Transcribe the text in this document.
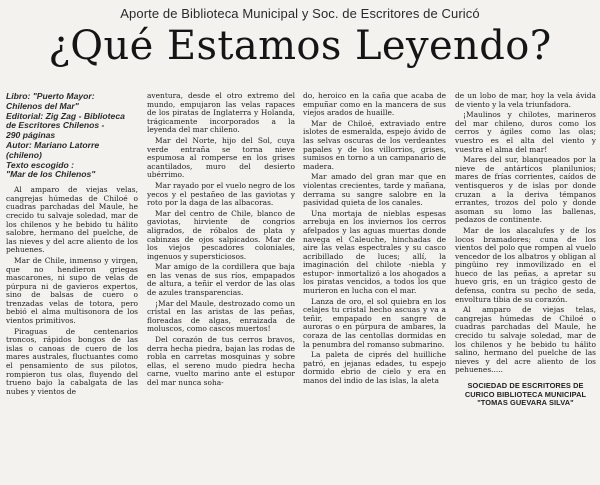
Aporte de Biblioteca Municipal y Soc. de Escritores de Curicó
¿Qué Estamos Leyendo?
Libro: "Puerto Mayor:
Chilenos del Mar"
Editorial: Zig Zag - Biblioteca
de Escritores Chilenos -
290 páginas
Autor: Mariano Latorre
(chileno)
Texto escogido :
"Mar de los Chilenos"

Al amparo de viejas velas, cangrejas húmedas de Chiloé o cuadras parchadas del Maule, he crecido tu salvaje soledad, mar de los chilenos y he bebido tu hálito salobre, hermano del puelche, de las nieves y del acre aliento de los pehuenes.

Mar de Chile, inmenso y virgen, que no hendieron griegas mascarones, ni supo de velas de púrpura ni de gavieros expertos, sino de balsas de cuero o trenzadas velas de totora, pero bebió el alma multisonora de los vientos primitivos.

Piraguas de centenarios troncos, rápidos bongos de las islas o canoas de cuero de los mares australes, fluctuantes como el pensamiento de sus pilotos, rompieron tus olas, fluyendo del trueno bajo la cabalgata de las nubes y vientos de

aventura, desde el otro extremo del mundo, empujaron las velas rapaces de los piratas de Inglaterra y Holanda, trágicamente incorporados a la leyenda del mar chileno.

Mar del Norte, hijo del Sol, cuya verde entraña se torna nieve espumosa al romperse en los grises acantilados, muro del desierto ubérrimo.

Mar rayado por el vuelo negro de los yecos y el pestañeo de las gaviotas y roto por la daga de las albacoras.

Mar del centro de Chile, blanco de gaviotas, hirviente de congrios aligrados, de róbalos de plata y cabinzas de ojos salpicados. Mar de los viejos pescadores coloniales, ingenuos y supersticiosos.

Mar amigo de la cordillera que baja en las venas de sus ríos, empapados de altura, a teñir el verdor de las olas de azules transparencias.

¡Mar del Maule, destrozado como un cristal en las aristas de las peñas, floreadas de algas, enraizada de moluscos, como cascos muertos!

Del corazón de tus cerros bravos, derra hecha piedra, bajan las rodas de robla en carretas mosquinas y sobre ellas, el sereno mudo piedra hecha carne, vuelto marino ante el estupor del mar nunca soha-

do, heroico en la caña que acaba de empuñar como en la mancera de sus viejos arados de huaille.

Mar de Chiloé, extraviado entre islotes de esmeralda, espejo ávido de las selvas oscuras de los verdeantes papales y de los villorrios, grises, sumisos en torno a un campanario de madera.

Mar amado del gran mar que en violentas crecientes, tarde y mañana, derrama su sangre salobre en la pasividad quieta de los canales.

Una mortaja de nieblas espesas arrebuja en los inviernos los cerros afelpados y las aguas muertas donde navega el Caleuche, hinchadas de aire las velas espectrales y su casco acribillado de luces; allí, la imaginación del chilote -niebla y estupor- inmortalizó a los ahogados a los piratas vencidos, a todos los que murieron en lucha con el mar.

Lanza de oro, el sol quiebra en los celajes tu cristal hecho ascuas y va a teñir, empapado en sangre de auroras o en púrpura de ambares, la coraza de las centollas dormidas en la penumbra del romanso submarino.

La paleta de ciprés del huilliche patró, en jejanas edades, tu espejo dormido ebrio de cielo y era en manos del indio de las islas, la aleta

de un lobo de mar, hoy la vela ávida de viento y la vela triunfadora.

¡Maulinos y chilotes, marineros del mar chileno, duros como los cerros y ágiles como las olas; vuestro es el alta del viento y vuestra el alma del mar!

Mares del sur, blanqueados por la nieve de antárticos planilunios; mares de frías corrientes, caídos de ventisqueros y de islas por donde cruzan a la deriva témpanos errantes, trozos del polo y donde asoman su lomo las ballenas, pedazos de continente.

Mar de los alacalufes y de los locos bramadores; cuna de los vientos del polo que rompen al vuelo vencedor de los albatros y obligan al pingüino rey inmovilizado en el hueco de las peñas, a apretar su huevo gris, en un trágico gesto de defensa, contra su pecho de seda, envoltura tibia de su corazón.

Al amparo de viejas telas, cangrejas húmedas de Chiloé o cuadras parchadas del Maule, he crecido tu salvaje soledad, mar de los chilenos y he bebido tu hálito salino, hermano del puelche de las nieves y del acre aliento de los pehuenes.....

SOCIEDAD DE ESCRITORES DE
CURICO BIBLIOTECA MUNICIPAL
"TOMAS GUEVARA SILVA"
